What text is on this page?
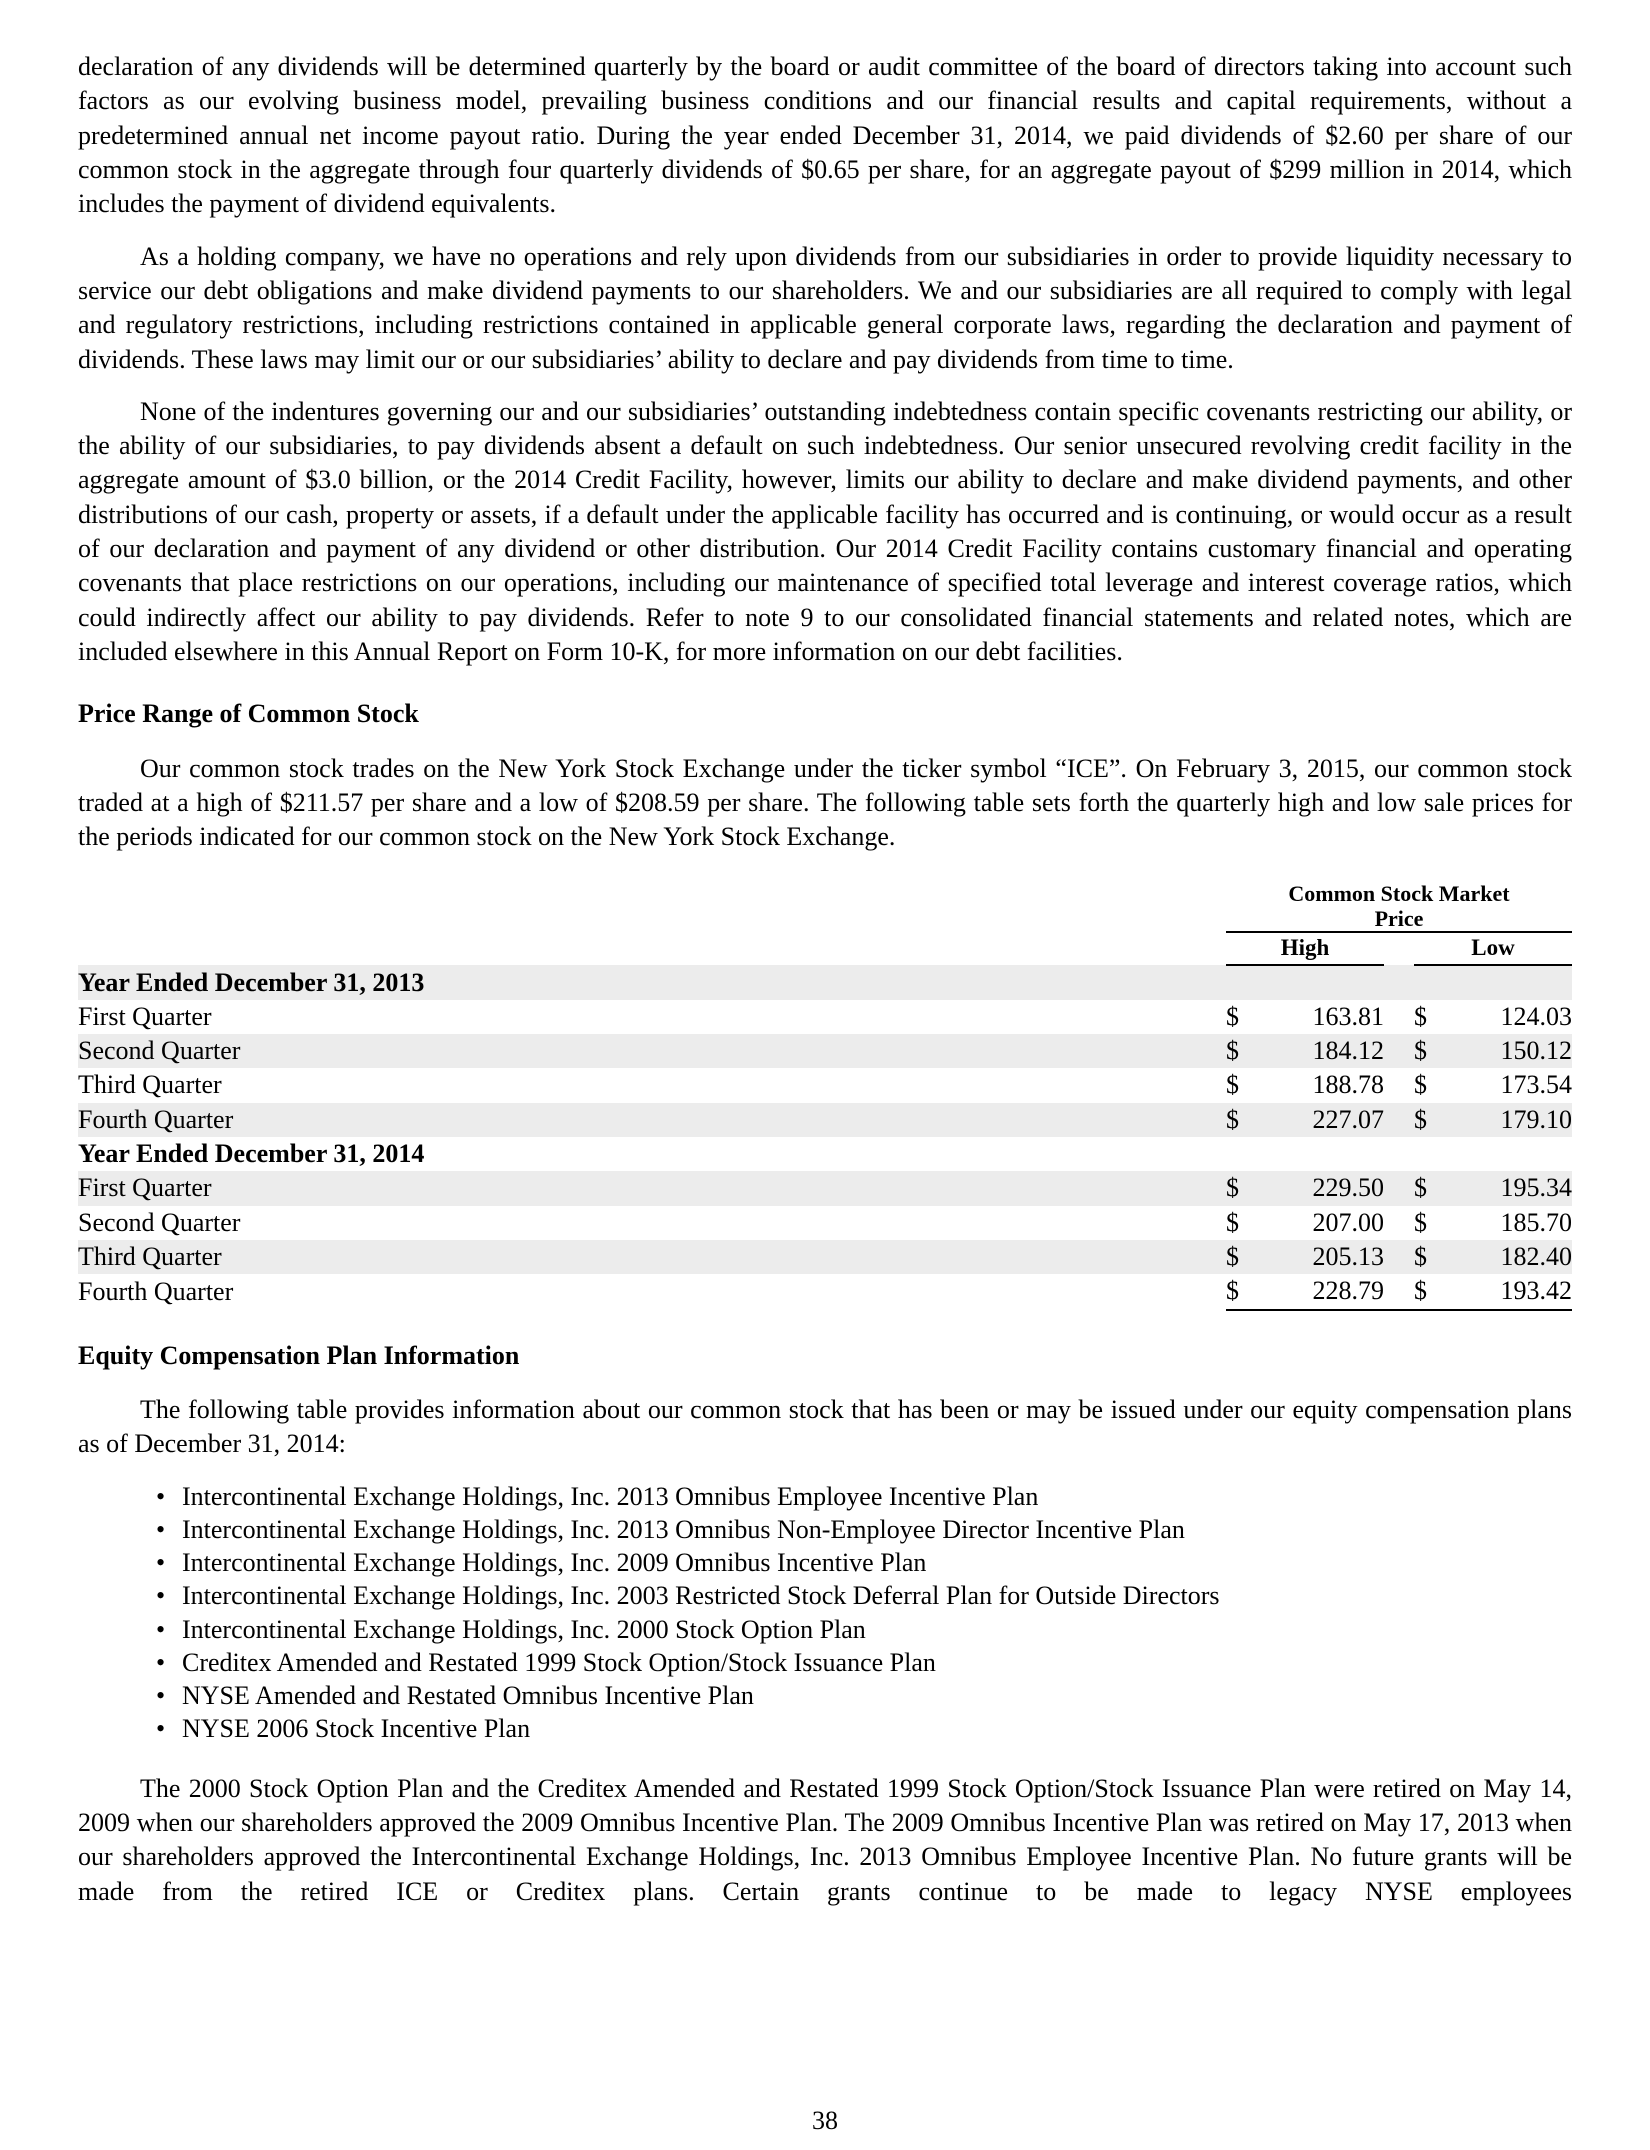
declaration of any dividends will be determined quarterly by the board or audit committee of the board of directors taking into account such factors as our evolving business model, prevailing business conditions and our financial results and capital requirements, without a predetermined annual net income payout ratio. During the year ended December 31, 2014, we paid dividends of $2.60 per share of our common stock in the aggregate through four quarterly dividends of $0.65 per share, for an aggregate payout of $299 million in 2014, which includes the payment of dividend equivalents.

As a holding company, we have no operations and rely upon dividends from our subsidiaries in order to provide liquidity necessary to service our debt obligations and make dividend payments to our shareholders. We and our subsidiaries are all required to comply with legal and regulatory restrictions, including restrictions contained in applicable general corporate laws, regarding the declaration and payment of dividends. These laws may limit our or our subsidiaries’ ability to declare and pay dividends from time to time.

None of the indentures governing our and our subsidiaries’ outstanding indebtedness contain specific covenants restricting our ability, or the ability of our subsidiaries, to pay dividends absent a default on such indebtedness. Our senior unsecured revolving credit facility in the aggregate amount of $3.0 billion, or the 2014 Credit Facility, however, limits our ability to declare and make dividend payments, and other distributions of our cash, property or assets, if a default under the applicable facility has occurred and is continuing, or would occur as a result of our declaration and payment of any dividend or other distribution. Our 2014 Credit Facility contains customary financial and operating covenants that place restrictions on our operations, including our maintenance of specified total leverage and interest coverage ratios, which could indirectly affect our ability to pay dividends. Refer to note 9 to our consolidated financial statements and related notes, which are included elsewhere in this Annual Report on Form 10-K, for more information on our debt facilities.

Price Range of Common Stock

Our common stock trades on the New York Stock Exchange under the ticker symbol “ICE”. On February 3, 2015, our common stock traded at a high of $211.57 per share and a low of $208.59 per share. The following table sets forth the quarterly high and low sale prices for the periods indicated for our common stock on the New York Stock Exchange.

	Common Stock Market Price				
	High			Low	
Year Ended December 31, 2013					
First Quarter	$	163.81		$	124.03
Second Quarter	$	184.12		$	150.12
Third Quarter	$	188.78		$	173.54
Fourth Quarter	$	227.07		$	179.10
Year Ended December 31, 2014					
First Quarter	$	229.50		$	195.34
Second Quarter	$	207.00		$	185.70
Third Quarter	$	205.13		$	182.40
Fourth Quarter	$	228.79		$	193.42
Equity Compensation Plan Information

The following table provides information about our common stock that has been or may be issued under our equity compensation plans as of December 31, 2014:

• Intercontinental Exchange Holdings, Inc. 2013 Omnibus Employee Incentive Plan
• Intercontinental Exchange Holdings, Inc. 2013 Omnibus Non-Employee Director Incentive Plan
• Intercontinental Exchange Holdings, Inc. 2009 Omnibus Incentive Plan
• Intercontinental Exchange Holdings, Inc. 2003 Restricted Stock Deferral Plan for Outside Directors
• Intercontinental Exchange Holdings, Inc. 2000 Stock Option Plan
• Creditex Amended and Restated 1999 Stock Option/Stock Issuance Plan
• NYSE Amended and Restated Omnibus Incentive Plan
• NYSE 2006 Stock Incentive Plan

The 2000 Stock Option Plan and the Creditex Amended and Restated 1999 Stock Option/Stock Issuance Plan were retired on May 14, 2009 when our shareholders approved the 2009 Omnibus Incentive Plan. The 2009 Omnibus Incentive Plan was retired on May 17, 2013 when our shareholders approved the Intercontinental Exchange Holdings, Inc. 2013 Omnibus Employee Incentive Plan. No future grants will be made from the retired ICE or Creditex plans. Certain grants continue to be made to legacy NYSE employees

38
